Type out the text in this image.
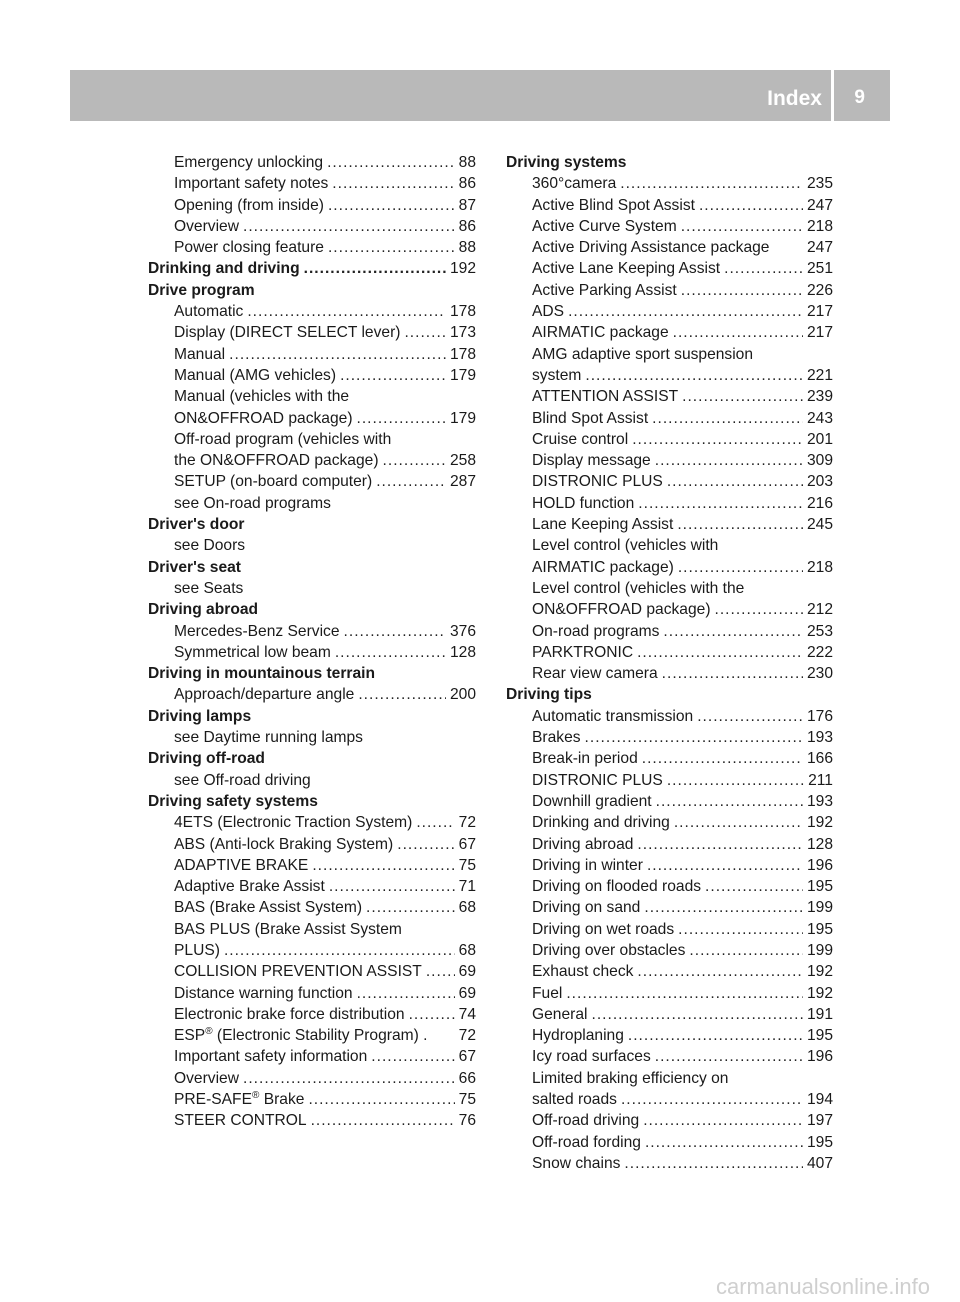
Index 9
Emergency unlocking .....	88
Important safety notes .....	86
Opening (from inside) .....	87
Overview .....	86
Power closing feature .....	88
Drinking and driving .....	192
Drive program
Automatic .....	178
Display (DIRECT SELECT lever) .....	173
Manual .....	178
Manual (AMG vehicles) .....	179
Manual (vehicles with the
ON&OFFROAD package) .....	179
Off-road program (vehicles with
the ON&OFFROAD package) .....	258
SETUP (on-board computer) .....	287
see On-road programs
Driver's door
see Doors
Driver's seat
see Seats
Driving abroad
Mercedes-Benz Service .....	376
Symmetrical low beam .....	128
Driving in mountainous terrain
Approach/departure angle .....	200
Driving lamps
see Daytime running lamps
Driving off-road
see Off-road driving
Driving safety systems
4ETS (Electronic Traction System) .....	72
ABS (Anti-lock Braking System) .....	67
ADAPTIVE BRAKE .....	75
Adaptive Brake Assist .....	71
BAS (Brake Assist System) .....	68
BAS PLUS (Brake Assist System
PLUS) .....	68
COLLISION PREVENTION ASSIST ..... 69
Distance warning function .....	69
Electronic brake force distribution .....	74
ESP® (Electronic Stability Program) . 72
Important safety information .....	67
Overview .....	66
PRE-SAFE® Brake .....	75
STEER CONTROL .....	76
Driving systems
360°camera .....	235
Active Blind Spot Assist .....	247
Active Curve System .....	218
Active Driving Assistance package 247
Active Lane Keeping Assist .....	251
Active Parking Assist .....	226
ADS .....	217
AIRMATIC package .....	217
AMG adaptive sport suspension
system .....	221
ATTENTION ASSIST .....	239
Blind Spot Assist .....	243
Cruise control .....	201
Display message .....	309
DISTRONIC PLUS .....	203
HOLD function .....	216
Lane Keeping Assist .....	245
Level control (vehicles with
AIRMATIC package) .....	218
Level control (vehicles with the
ON&OFFROAD package) .....	212
On-road programs .....	253
PARKTRONIC .....	222
Rear view camera .....	230
Driving tips
Automatic transmission .....	176
Brakes .....	193
Break-in period .....	166
DISTRONIC PLUS .....	211
Downhill gradient .....	193
Drinking and driving .....	192
Driving abroad .....	128
Driving in winter .....	196
Driving on flooded roads .....	195
Driving on sand .....	199
Driving on wet roads .....	195
Driving over obstacles .....	199
Exhaust check .....	192
Fuel .....	192
General .....	191
Hydroplaning .....	195
Icy road surfaces .....	196
Limited braking efficiency on
salted roads .....	194
Off-road driving .....	197
Off-road fording .....	195
Snow chains .....	407
carmanualsonline.info
